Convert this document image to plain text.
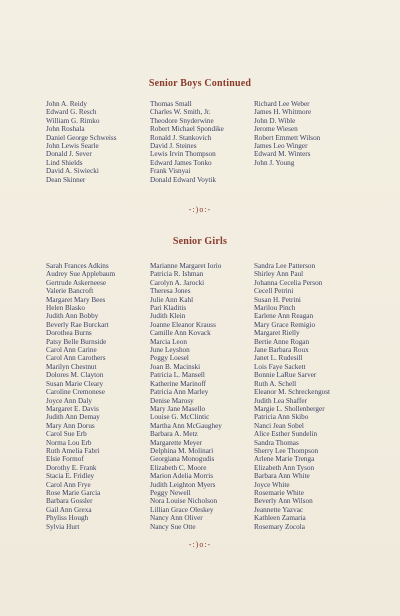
Senior Boys Continued
John A. Reidy
Edward G. Resch
William G. Rimko
John Roshala
Daniel George Schweiss
John Lewis Searle
Donald J. Sever
Lind Shields
David A. Siwiecki
Dean Skinner
Thomas Small
Charles W. Smith, Jr.
Theodore Snyderwine
Robert Michael Spondike
Ronald J. Stankovich
David J. Steines
Lewis Irvin Thompson
Edward James Tonko
Frank Visnyai
Donald Edward Voytik
Richard Lee Weber
James H. Whitmore
John D. Wible
Jerome Wiesen
Robert Emmett Wilson
James Leo Winger
Edward M. Winters
John J. Young
-:)o:-
Senior Girls
Sarah Frances Adkins
Audrey Sue Applebaum
Gertrude Askerneese
Valerie Bancroft
Margaret Mary Bees
Helen Blasko
Judith Ann Bobby
Beverly Rae Burckart
Dorothea Burns
Patsy Belle Burnside
Carol Ann Carine
Carol Ann Carothers
Marilyn Chestnut
Dolores M. Clayton
Susan Marie Cleary
Caroline Cremonese
Joyce Ann Daly
Margaret E. Davis
Judith Ann Demay
Mary Ann Dorus
Carol Sue Erb
Norma Lou Erb
Ruth Amelia Fabri
Elsie Formof
Dorothy E. Frank
Stacia E. Fridley
Carol Ann Frye
Rose Marie Garcia
Barbara Gossler
Gail Ann Grexa
Phyliss Hough
Sylvia Hurt
Marianne Margaret Iorio
Patricia R. Ishman
Carolyn A. Jarocki
Theresa Jones
Julie Ann Kahl
Pari Kladitis
Judith Klein
Joanne Eleanor Krauss
Camille Ann Kovack
Marcia Leon
June Leyshon
Peggy Loesel
Joan B. Macinski
Patricia L. Mansell
Katherine Marinoff
Patricia Ann Marley
Denise Marosy
Mary Jane Masello
Louise G. McClintic
Martha Ann McGaughey
Barbara A. Metz
Margarette Meyer
Delphina M. Molinari
Georgiana Monogudis
Elizabeth C. Moore
Marion Adelia Morris
Judith Leighton Myers
Peggy Newell
Nora Louise Nicholson
Lillian Grace Oleskey
Nancy Ann Oliver
Nancy Sue Otte
Sandra Lee Patterson
Shirley Ann Paul
Johanna Cecelia Person
Cecell Petrini
Susan H. Petrini
Marilou Pinch
Earlene Ann Reagan
Mary Grace Remigio
Margaret Rielly
Bertie Anne Rogan
Jane Barbara Roux
Janet L. Rudesill
Lois Faye Sackett
Bonnie LaRue Sarver
Ruth A. Schell
Eleanor M. Schreckengost
Judith Lea Shaffer
Margie L. Shollenberger
Patricia Ann Skibo
Nanci Jean Sobel
Alice Esther Sundelin
Sandra Thomas
Sherry Lee Thompson
Arlene Marie Trenga
Elizabeth Ann Tyson
Barbara Ann White
Joyce White
Rosemarie White
Beverly Ann Wilson
Jeannette Yazvac
Kathleen Zamaria
Rosemary Zocola
-:)o:-
